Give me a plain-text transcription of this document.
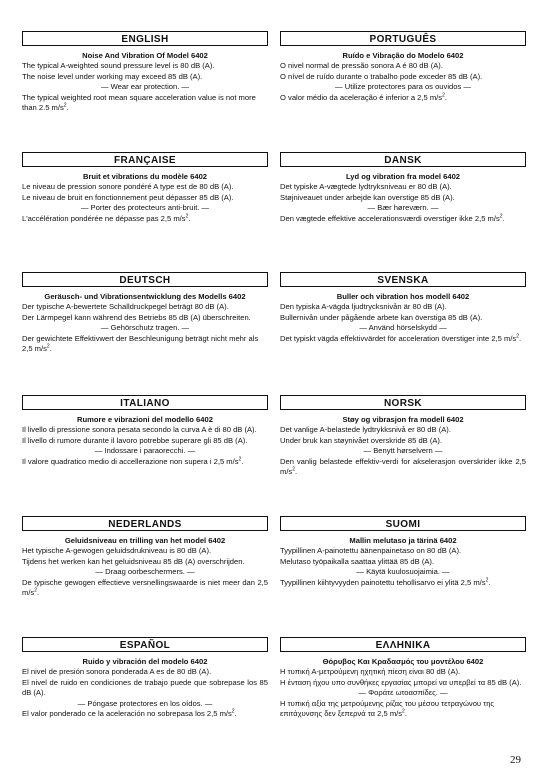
ENGLISH
Noise And Vibration Of Model 6402

The typical A-weighted sound pressure level is 80 dB (A).

The noise level under working may exceed 85 dB (A).

— Wear ear protection. —

The typical weighted root mean square acceleration value is not more than 2.5 $m/s^2$.

FRANÇAISE
Bruit et vibrations du modèle 6402

Le niveau de pression sonore pondéré A type est de 80 dB (A).

Le niveau de bruit en fonctionnement peut dépasser 85 dB (A).

— Porter des protecteurs anti-bruit. —

L'accélération pondérée ne dépasse pas 2,5 $m/s^2$.

DEUTSCH
Geräusch- und Vibrationsentwicklung des Modells 6402

Der typische A-bewertete Schalldruckpegel beträgt 80 dB (A).

Der Lärmpegel kann während des Betriebs 85 dB (A) überschreiten.

— Gehörschutz tragen. —

Der gewichtete Effektivwert der Beschleunigung beträgt nicht mehr als 2,5 $m/s^2$.

ITALIANO
Rumore e vibrazioni del modello 6402

Il livello di pressione sonora pesata secondo la curva A è di 80 dB (A).

Il livello di rumore durante il lavoro potrebbe superare gli 85 dB (A).

— Indossare i paraorecchi. —

Il valore quadratico medio di accellerazione non supera i 2,5 $m/s^2$.

NEDERLANDS
Geluidsniveau en trilling van het model 6402

Het typische A-gewogen geluidsdrukniveau is 80 dB (A).

Tijdens het werken kan het geluidsniveau 85 dB (A) overschrijden.

— Draag oorbeschermers. —

De typische gewogen effectieve versnellingswaarde is niet meer dan 2,5 $m/s^2$.

ESPAÑOL
Ruido y vibración del modelo 6402

El nivel de presión sonora ponderada A es de 80 dB (A).

El nivel de ruido en condiciones de trabajo puede que sobrepase los 85 dB (A).

— Póngase protectores en los oídos. —

El valor ponderado ce la aceleración no sobrepasa los 2,5 $m/s^2$.

PORTUGUÊS
Ruído e Vibração do Modelo 6402

O nivel normal de pressão sonora A é 80 dB (A).

O nível de ruído durante o trabalho pode exceder 85 dB (A).

— Utilize protectores para os ouvidos —

O valor médio da aceleração é inferior a 2,5 $m/s^2$.

DANSK
Lyd og vibration fra model 6402

Det typiske A-vægtede lydtryksniveau er 80 dB (A).

Støjniveauet under arbejde kan overstige 85 dB (A).

— Bær høreværn. —

Den vægtede effektive accelerationsværdi overstiger ikke 2,5 $m/s^2$.

SVENSKA
Buller och vibration hos modell 6402

Den typiska A-vägda ljudtrycksnivån är 80 dB (A).

Bullernivån under pågående arbete kan överstiga 85 dB (A).

— Använd hörselskydd —

Det typiskt vägda effektivvärdet för acceleration överstiger inte 2,5 $m/s^2$.

NORSK
Støy og vibrasjon fra modell 6402

Det vanlige A-belastede lydtrykksnivå er 80 dB (A).

Under bruk kan støynivået overskride 85 dB (A).

— Benytt hørselvern —

Den vanlig belastede effektiv-verdi for akselerasjon overskrider ikke 2,5 $m/s^2$.

SUOMI
Mallin melutaso ja tärinä 6402

Tyypillinen A-painotettu äänenpainetaso on 80 dB (A).

Melutaso työpaikalla saattaa ylittää 85 dB (A).

— Käytä kuulosuojaimia. —

Tyypillinen kiihtyvyyden painotettu tehollisarvo ei ylitä 2,5 $m/s^2$.

ΕΛΛΗΝΙΚΑ
Θόρυβος Και Κραδασμός του μοντέλου 6402

Η τυπική Α-μετρούμενη ηχητική πίεση είναι 80 dB (A).

Η ένταση ήχου υπο συνθήκες εργασίας μπορεί να υπερβεί τα 85 dB (A).

— Φοράτε ωτοασπίδες. —

Η τυπική αξία της μετρούμενης ρίζας του μέσου τετραγώνου της επιτάχυνσης δεν ξεπερνά τα 2,5 $m/s^2$.

29
